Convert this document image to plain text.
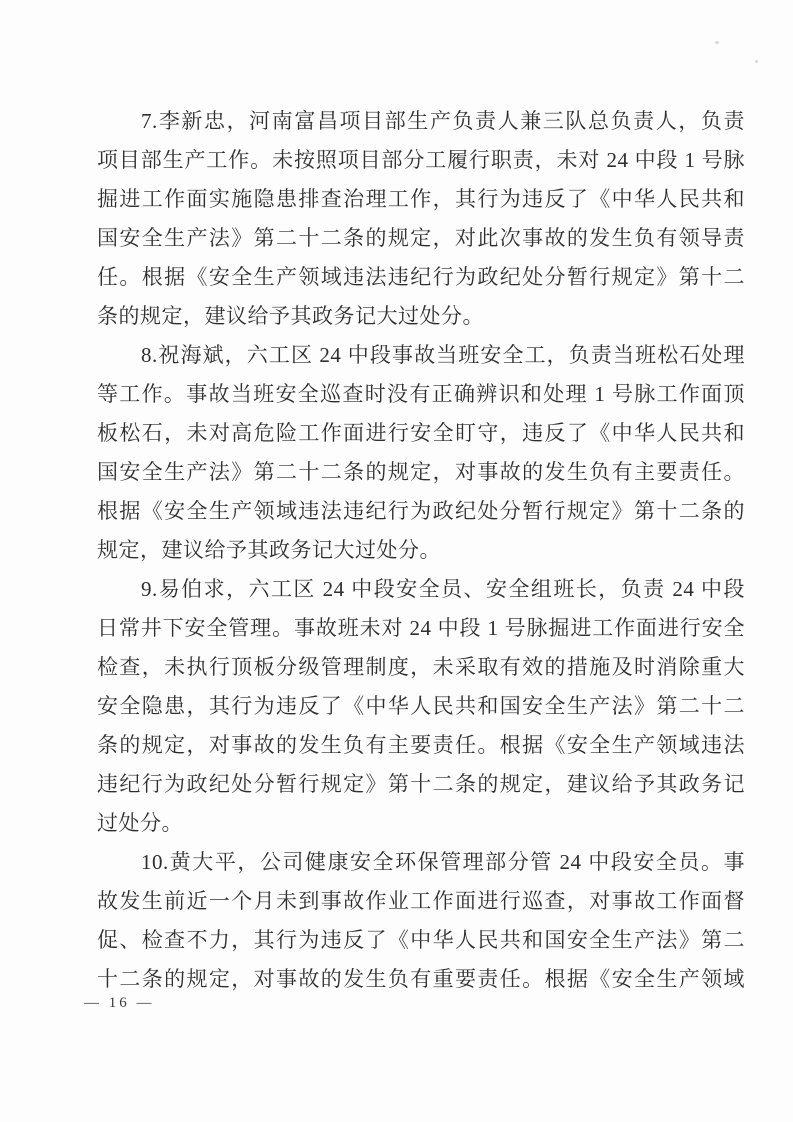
7.李新忠，河南富昌项目部生产负责人兼三队总负责人，负责
项目部生产工作。未按照项目部分工履行职责，未对 24 中段 1 号脉
掘进工作面实施隐患排查治理工作，其行为违反了《中华人民共和
国安全生产法》第二十二条的规定，对此次事故的发生负有领导责
任。根据《安全生产领域违法违纪行为政纪处分暂行规定》第十二
条的规定，建议给予其政务记大过处分。
8.祝海斌，六工区 24 中段事故当班安全工，负责当班松石处理
等工作。事故当班安全巡查时没有正确辨识和处理 1 号脉工作面顶
板松石，未对高危险工作面进行安全盯守，违反了《中华人民共和
国安全生产法》第二十二条的规定，对事故的发生负有主要责任。
根据《安全生产领域违法违纪行为政纪处分暂行规定》第十二条的
规定，建议给予其政务记大过处分。
9.易伯求，六工区 24 中段安全员、安全组班长，负责 24 中段
日常井下安全管理。事故班未对 24 中段 1 号脉掘进工作面进行安全
检查，未执行顶板分级管理制度，未采取有效的措施及时消除重大
安全隐患，其行为违反了《中华人民共和国安全生产法》第二十二
条的规定，对事故的发生负有主要责任。根据《安全生产领域违法
违纪行为政纪处分暂行规定》第十二条的规定，建议给予其政务记
过处分。
10.黄大平，公司健康安全环保管理部分管 24 中段安全员。事
故发生前近一个月未到事故作业工作面进行巡查，对事故工作面督
促、检查不力，其行为违反了《中华人民共和国安全生产法》第二
十二条的规定，对事故的发生负有重要责任。根据《安全生产领域
— 16 —
